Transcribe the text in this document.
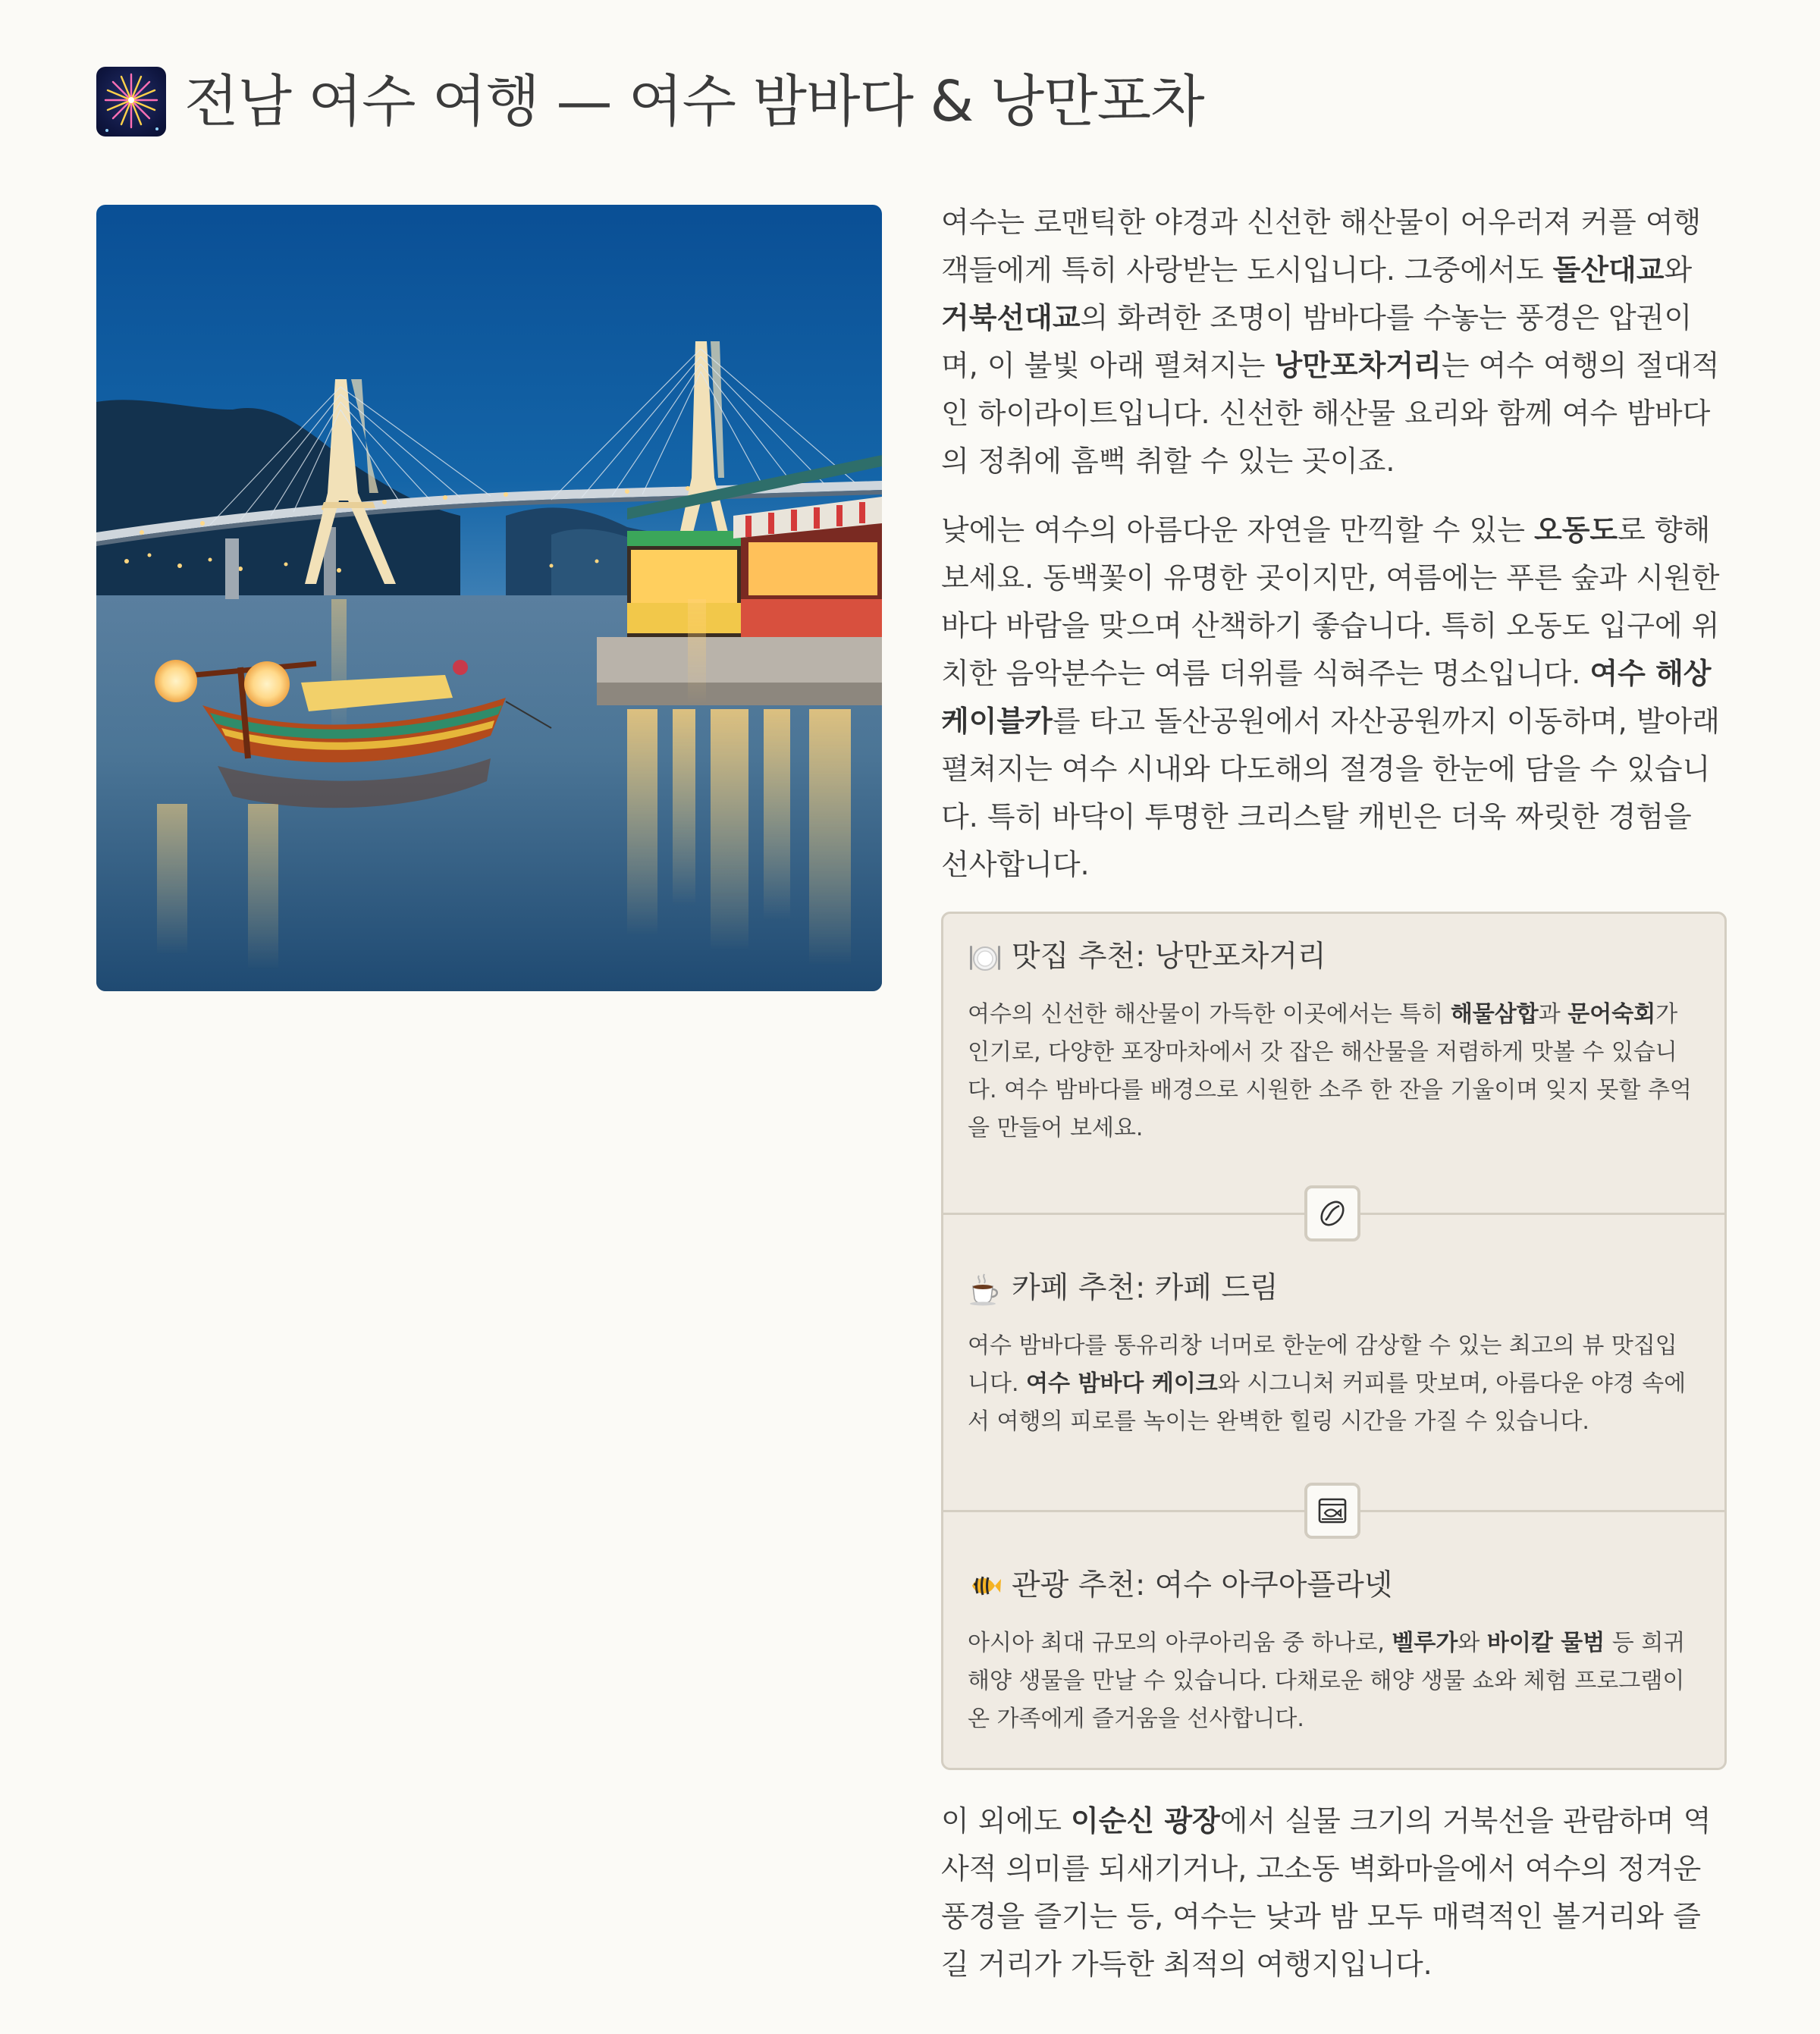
전남 여수 여행 — 여수 밤바다 & 낭만포차

여수는 로맨틱한 야경과 신선한 해산물이 어우러져 커플 여행객들에게 특히 사랑받는 도시입니다. 그중에서도 돌산대교와 거북선대교의 화려한 조명이 밤바다를 수놓는 풍경은 압권이며, 이 불빛 아래 펼쳐지는 낭만포차거리는 여수 여행의 절대적인 하이라이트입니다. 신선한 해산물 요리와 함께 여수 밤바다의 정취에 흠뻑 취할 수 있는 곳이죠.

낮에는 여수의 아름다운 자연을 만끽할 수 있는 오동도로 향해 보세요. 동백꽃이 유명한 곳이지만, 여름에는 푸른 숲과 시원한 바다 바람을 맞으며 산책하기 좋습니다. 특히 오동도 입구에 위치한 음악분수는 여름 더위를 식혀주는 명소입니다. 여수 해상 케이블카를 타고 돌산공원에서 자산공원까지 이동하며, 발아래 펼쳐지는 여수 시내와 다도해의 절경을 한눈에 담을 수 있습니다. 특히 바닥이 투명한 크리스탈 캐빈은 더욱 짜릿한 경험을 선사합니다.

맛집 추천: 낭만포차거리

여수의 신선한 해산물이 가득한 이곳에서는 특히 해물삼합과 문어숙회가 인기로, 다양한 포장마차에서 갓 잡은 해산물을 저렴하게 맛볼 수 있습니다. 여수 밤바다를 배경으로 시원한 소주 한 잔을 기울이며 잊지 못할 추억을 만들어 보세요.

카페 추천: 카페 드림

여수 밤바다를 통유리창 너머로 한눈에 감상할 수 있는 최고의 뷰 맛집입니다. 여수 밤바다 케이크와 시그니처 커피를 맛보며, 아름다운 야경 속에서 여행의 피로를 녹이는 완벽한 힐링 시간을 가질 수 있습니다.

관광 추천: 여수 아쿠아플라넷

아시아 최대 규모의 아쿠아리움 중 하나로, 벨루가와 바이칼 물범 등 희귀 해양 생물을 만날 수 있습니다. 다채로운 해양 생물 쇼와 체험 프로그램이 온 가족에게 즐거움을 선사합니다.

이 외에도 이순신 광장에서 실물 크기의 거북선을 관람하며 역사적 의미를 되새기거나, 고소동 벽화마을에서 여수의 정겨운 풍경을 즐기는 등, 여수는 낮과 밤 모두 매력적인 볼거리와 즐길 거리가 가득한 최적의 여행지입니다.
